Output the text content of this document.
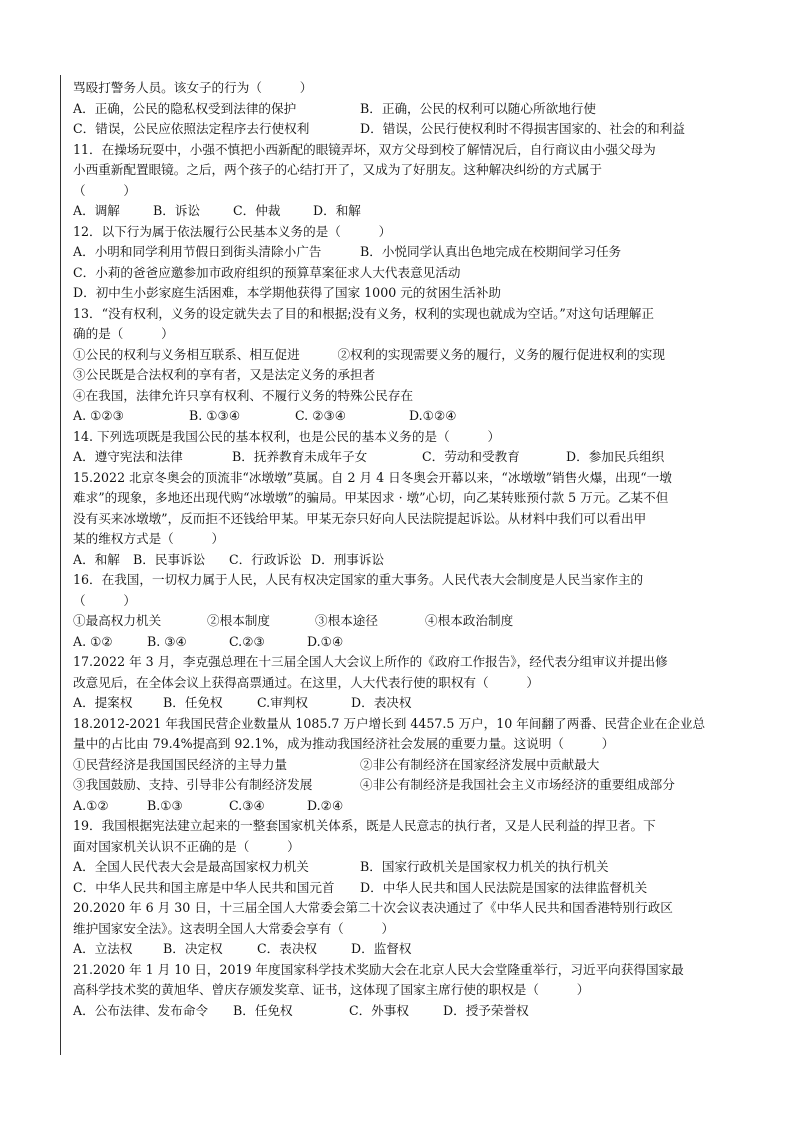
骂殴打警务人员。该女子的行为（　　　）
A．正确，公民的隐私权受到法律的保护	B．正确，公民的权利可以随心所欲地行使
C．错误，公民应依照法定程序去行使权利	D．错误，公民行使权利时不得损害国家的、社会的和利益
11．在操场玩耍中，小强不慎把小西新配的眼镜弄坏，双方父母到校了解情况后，自行商议由小强父母为
小西重新配置眼镜。之后，两个孩子的心结打开了，又成为了好朋友。这种解决纠纷的方式属于
（　　　）
A．调解	B．诉讼	C．仲裁	D．和解
12．以下行为属于依法履行公民基本义务的是（　　　）
A．小明和同学利用节假日到街头清除小广告	B．小悦同学认真出色地完成在校期间学习任务
C．小莉的爸爸应邀参加市政府组织的预算草案征求人大代表意见活动
D．初中生小彭家庭生活困难，本学期他获得了国家 1000 元的贫困生活补助
13．“没有权利，义务的设定就失去了目的和根据;没有义务，权利的实现也就成为空话。”对这句话理解正
确的是（　　　）
①公民的权利与义务相互联系、相互促进　　　②权利的实现需要义务的履行，义务的履行促进权利的实现
③公民既是合法权利的享有者，又是法定义务的承担者
④在我国，法律允许只享有权利、不履行义务的特殊公民存在
A. ①②③	B. ①③④	C. ②③④	D.①②④
14. 下列选项既是我国公民的基本权利，也是公民的基本义务的是（　　　）
A．遵守宪法和法律	B．抚养教育未成年子女	C．劳动和受教育	D．参加民兵组织
15.2022 北京冬奥会的顶流非“冰墩墩”莫属。自 2 月 4 日冬奥会开幕以来，“冰墩墩”销售火爆，出现“一墩
难求”的现象，多地还出现代购“冰墩墩”的骗局。甲某因求 · 墩”心切，向乙某转账预付款 5 万元。乙某不但
没有买来冰墩墩”，反而拒不还钱给甲某。甲某无奈只好向人民法院提起诉讼。从材料中我们可以看出甲
某的维权方式是（　　　）
A．和解	B．民事诉讼	C．行政诉讼 D．刑事诉讼
16．在我国，一切权力属于人民，人民有权决定国家的重大事务。人民代表大会制度是人民当家作主的
（　　　）
①最高权力机关	②根本制度	③根本途径	④根本政治制度
A. ①②	B. ③④	C.②③	D.①④
17.2022 年 3 月，李克强总理在十三届全国人大会议上所作的《政府工作报告》，经代表分组审议并提出修
改意见后，在全体会议上获得高票通过。在这里，人大代表行使的职权有（　　　）
A．提案权	B．任免权	C.审判权	D．表决权
18.2012-2021 年我国民营企业数量从 1085.7 万户增长到 4457.5 万户，10 年间翻了两番、民营企业在企业总
量中的占比由 79.4%提高到 92.1%，成为推动我国经济社会发展的重要力量。这说明（　　　）
①民营经济是我国国民经济的主导力量	②非公有制经济在国家经济发展中贡献最大
③我国鼓励、支持、引导非公有制经济发展	④非公有制经济是我国社会主义市场经济的重要组成部分
A.①②	B.①③	C.③④	D.②④
19．我国根据宪法建立起来的一整套国家机关体系，既是人民意志的执行者，又是人民利益的捍卫者。下
面对国家机关认识不正确的是（　　　）
A．全国人民代表大会是最高国家权力机关	B．国家行政机关是国家权力机关的执行机关
C．中华人民共和国主席是中华人民共和国元首	D．中华人民共和国人民法院是国家的法律监督机关
20.2020 年 6 月 30 日，十三届全国人大常委会第二十次会议表决通过了《中华人民共和国香港特别行政区
维护国家安全法》。这表明全国人大常委会享有（　　　）
A．立法权	B．决定权	C．表决权	D．监督权
21.2020 年 1 月 10 日，2019 年度国家科学技术奖励大会在北京人民大会堂隆重举行，习近平向获得国家最
高科学技术奖的黄旭华、曾庆存颁发奖章、证书，这体现了国家主席行使的职权是（　　　）
A．公布法律、发布命令	B．任免权	C．外事权	D．授予荣誉权
